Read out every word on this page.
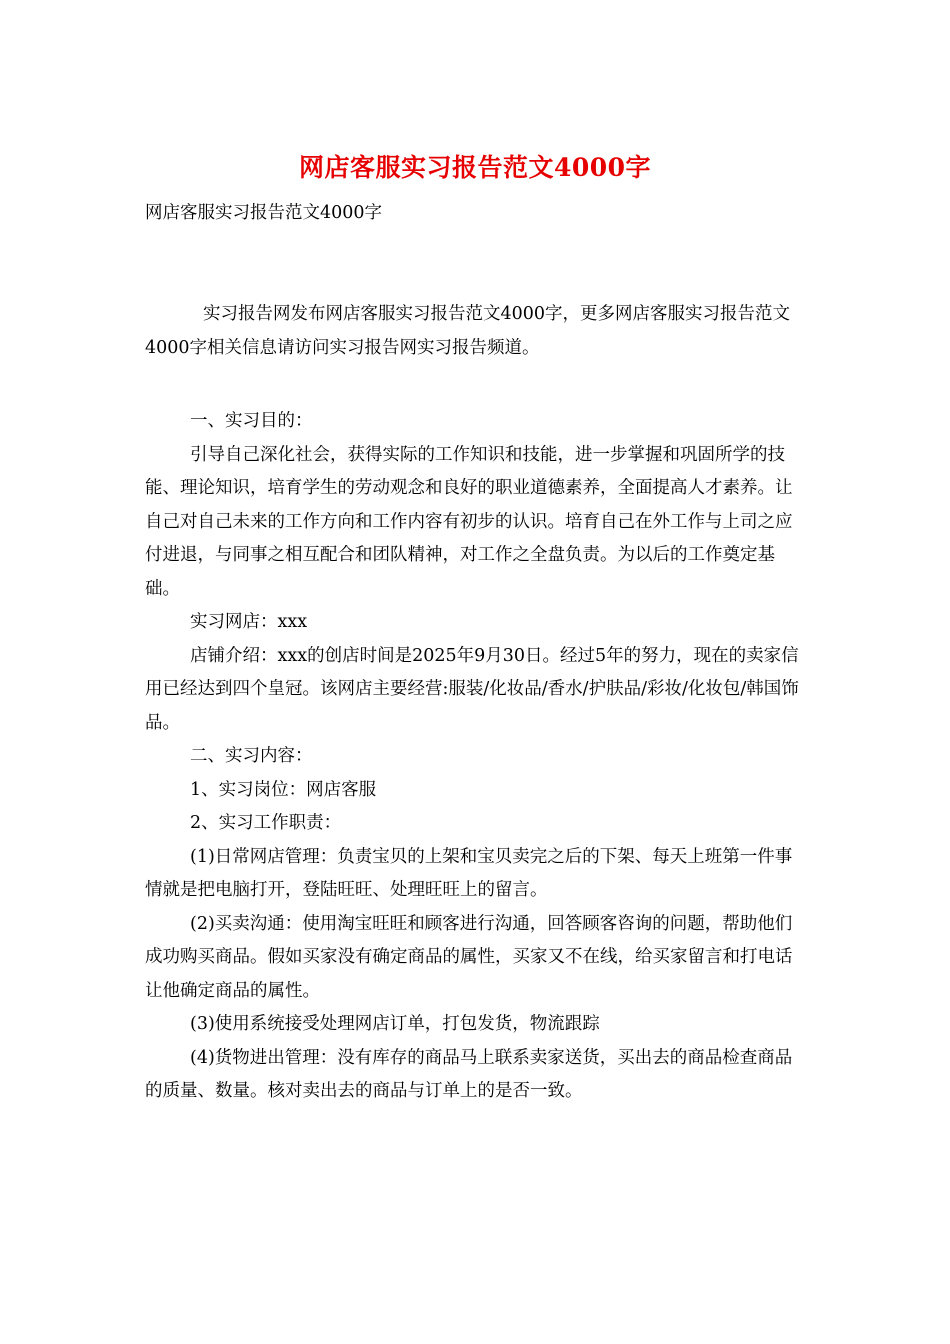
网店客服实习报告范文4000字
网店客服实习报告范文4000字
实习报告网发布网店客服实习报告范文4000字，更多网店客服实习报告范文4000字相关信息请访问实习报告网实习报告频道。

一、实习目的：

引导自己深化社会，获得实际的工作知识和技能，进一步掌握和巩固所学的技能、理论知识，培育学生的劳动观念和良好的职业道德素养，全面提高人才素养。让自己对自己未来的工作方向和工作内容有初步的认识。培育自己在外工作与上司之应付进退，与同事之相互配合和团队精神，对工作之全盘负责。为以后的工作奠定基础。

实习网店：xxx

店铺介绍：xxx的创店时间是2025年9月30日。经过5年的努力，现在的卖家信用已经达到四个皇冠。该网店主要经营:服装/化妆品/香水/护肤品/彩妆/化妆包/韩国饰品。

二、实习内容：

1、实习岗位：网店客服

2、实习工作职责：

(1)日常网店管理：负责宝贝的上架和宝贝卖完之后的下架、每天上班第一件事情就是把电脑打开，登陆旺旺、处理旺旺上的留言。

(2)买卖沟通：使用淘宝旺旺和顾客进行沟通，回答顾客咨询的问题，帮助他们成功购买商品。假如买家没有确定商品的属性，买家又不在线，给买家留言和打电话让他确定商品的属性。

(3)使用系统接受处理网店订单，打包发货，物流跟踪

(4)货物进出管理：没有库存的商品马上联系卖家送货，买出去的商品检查商品的质量、数量。核对卖出去的商品与订单上的是否一致。
